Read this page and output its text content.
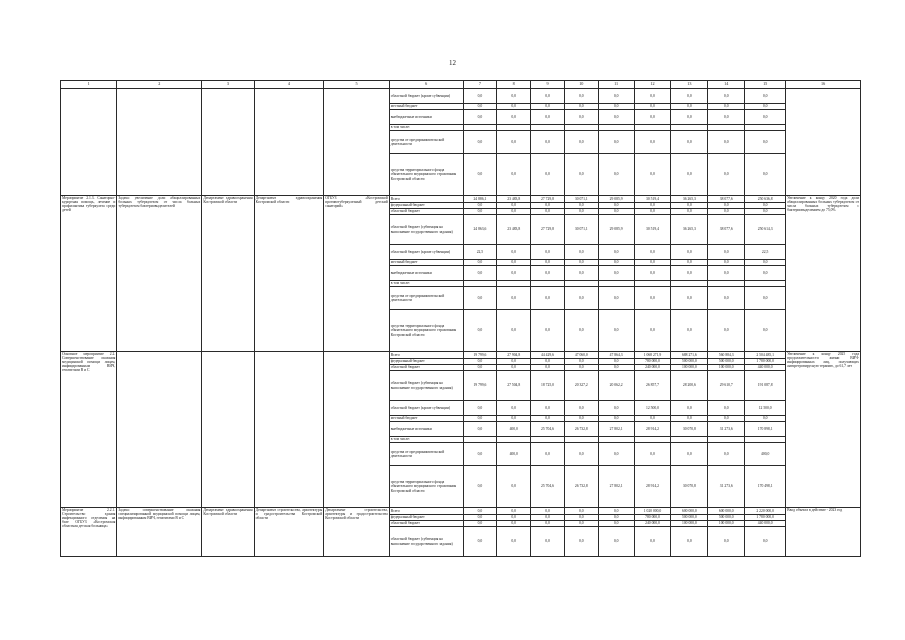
12
1	2	3	4	5	6	7	8	9	10	11	12	13	14	15	16
					областной бюджет (кроме субвенции)	0,0	0,0	0,0	0,0	0,0	0,0	0,0	0,0	0,0	
					местный бюджет	0,0	0,0	0,0	0,0	0,0	0,0	0,0	0,0	0,0	
					внебюджетные источники	0,0	0,0	0,0	0,0	0,0	0,0	0,0	0,0	0,0	
					в том числе:										
					средства от предпринимательской деятельности	0,0	0,0	0,0	0,0	0,0	0,0	0,0	0,0	0,0	
					средства территориального фонда обязательного медицинского страхования Костромской области	0,0	0,0	0,0	0,0	0,0	0,0	0,0	0,0	0,0	
Мероприятие 2.1.3. Санаторно-курортная помощь, лечение и профилактика туберкулеза среди детей	Задача: увеличение доли абациллированных больных туберкулезом от числа больных туберкулезом бактериовыделителей	Департамент здравоохранения Костромской области	Департамент здравоохранения Костромской области	ОГБУЗ «Костромской противотуберкулезный детский санаторий»	Всего	24 886,1	23 483,8	27 729,8	30 071,1	29 085,9	30 519,4	36 265,3	38 077,6	250 636,8	Увеличение к концу 2020 года доли абациллированных больных туберкулезом от числа больных туберкулезом с бактериовыделением до 75,0%
					федеральный бюджет	0,0	0,0	0,0	0,0	0,0	0,0	0,0	0,0	0,0	
					областной бюджет	0,0	0,0	0,0	0,0	0,0	0,0	0,0	0,0	0,0	
					областной бюджет (субвенция на выполнение государственного задания)	24 863,6	23 483,8	27 729,8	30 071,1	29 085,9	30 519,4	36 265,3	38 077,6	250 614,3	
					областной бюджет (кроме субвенции)	22,5	0,0	0,0	0,0	0,0	0,0	0,0	0,0	22,5	
					местный бюджет	0,0	0,0	0,0	0,0	0,0	0,0	0,0	0,0	0,0	
					внебюджетные источники	0,0	0,0	0,0	0,0	0,0	0,0	0,0	0,0	0,0	
					в том числе:										
					средства от предпринимательской деятельности	0,0	0,0	0,0	0,0	0,0	0,0	0,0	0,0	0,0	
					средства территориального фонда обязательного медицинского страхования Костромской области	0,0	0,0	0,0	0,0	0,0	0,0	0,0	0,0	0,0	
Основное мероприятие 2.2. Совершенствование оказания медицинской помощи лицам, инфицированным ВИЧ, гепатитами В и С					Всего	19 799,6	27 904,8	44 429,6	47 060,0	47 864,3	1 068 271,9	688 271,6	560 884,3	2 504 485,1	Увеличение к концу 2025 года продолжительности жизни ВИЧ-инфицированных лиц, получающих антиретровирусную терапию, до 61,7 лет
					федеральный бюджет	0,0	0,0	0,0	0,0	0,0	780 000,0	500 000,0	500 000,0	1 780 000,0	
					областной бюджет	0,0	0,0	0,0	0,0	0,0	240 000,0	100 000,0	100 000,0	440 000,0	
					областной бюджет (субвенция на выполнение государственного задания)	19 799,6	27 504,8	18 725,0	20 327,2	20 062,2	26 857,7	28 200,6	29 610,7	191 087,8	
					областной бюджет (кроме субвенции)	0,0	0,0	0,0	0,0	0,0	12 500,0	0,0	0,0	12 500,0	
					местный бюджет	0,0	0,0	0,0	0,0	0,0	0,0	0,0	0,0	0,0	
					внебюджетные источники	0,0	400,0	25 704,6	26 732,8	27 802,1	28 914,2	30 070,8	31 273,6	170 898,1	
					в том числе:										
					средства от предпринимательской деятельности	0,0	400,0	0,0	0,0	0,0	0,0	0,0	0,0	400,0	
					средства территориального фонда обязательного медицинского страхования Костромской области	0,0	0,0	25 704,6	26 732,8	27 802,1	28 914,2	30 070,8	31 273,6	170 498,1	
Мероприятие 2.2.1. Строительство здания инфекционного отделения на базе ОГБУЗ «Костромская областная детская больница»	Задача: совершенствование оказания специализированной медицинской помощи лицам, инфицированным ВИЧ, гепатитами В и С	Департамент здравоохранения Костромской области	Департамент строительства, архитектуры и градостроительства Костромской области	Департамент строительства, архитектуры и градостроительства Костромской области	Всего	0,0	0,0	0,0	0,0	0,0	1 020 000,0	600 000,0	600 000,0	2 220 000,0	Ввод объекта в действие - 2023 год
					федеральный бюджет	0,0	0,0	0,0	0,0	0,0	780 000,0	500 000,0	500 000,0	1 780 000,0	
					областной бюджет	0,0	0,0	0,0	0,0	0,0	240 000,0	100 000,0	100 000,0	440 000,0	
					областной бюджет (субвенция на выполнение государственного задания)	0,0	0,0	0,0	0,0	0,0	0,0	0,0	0,0	0,0	
